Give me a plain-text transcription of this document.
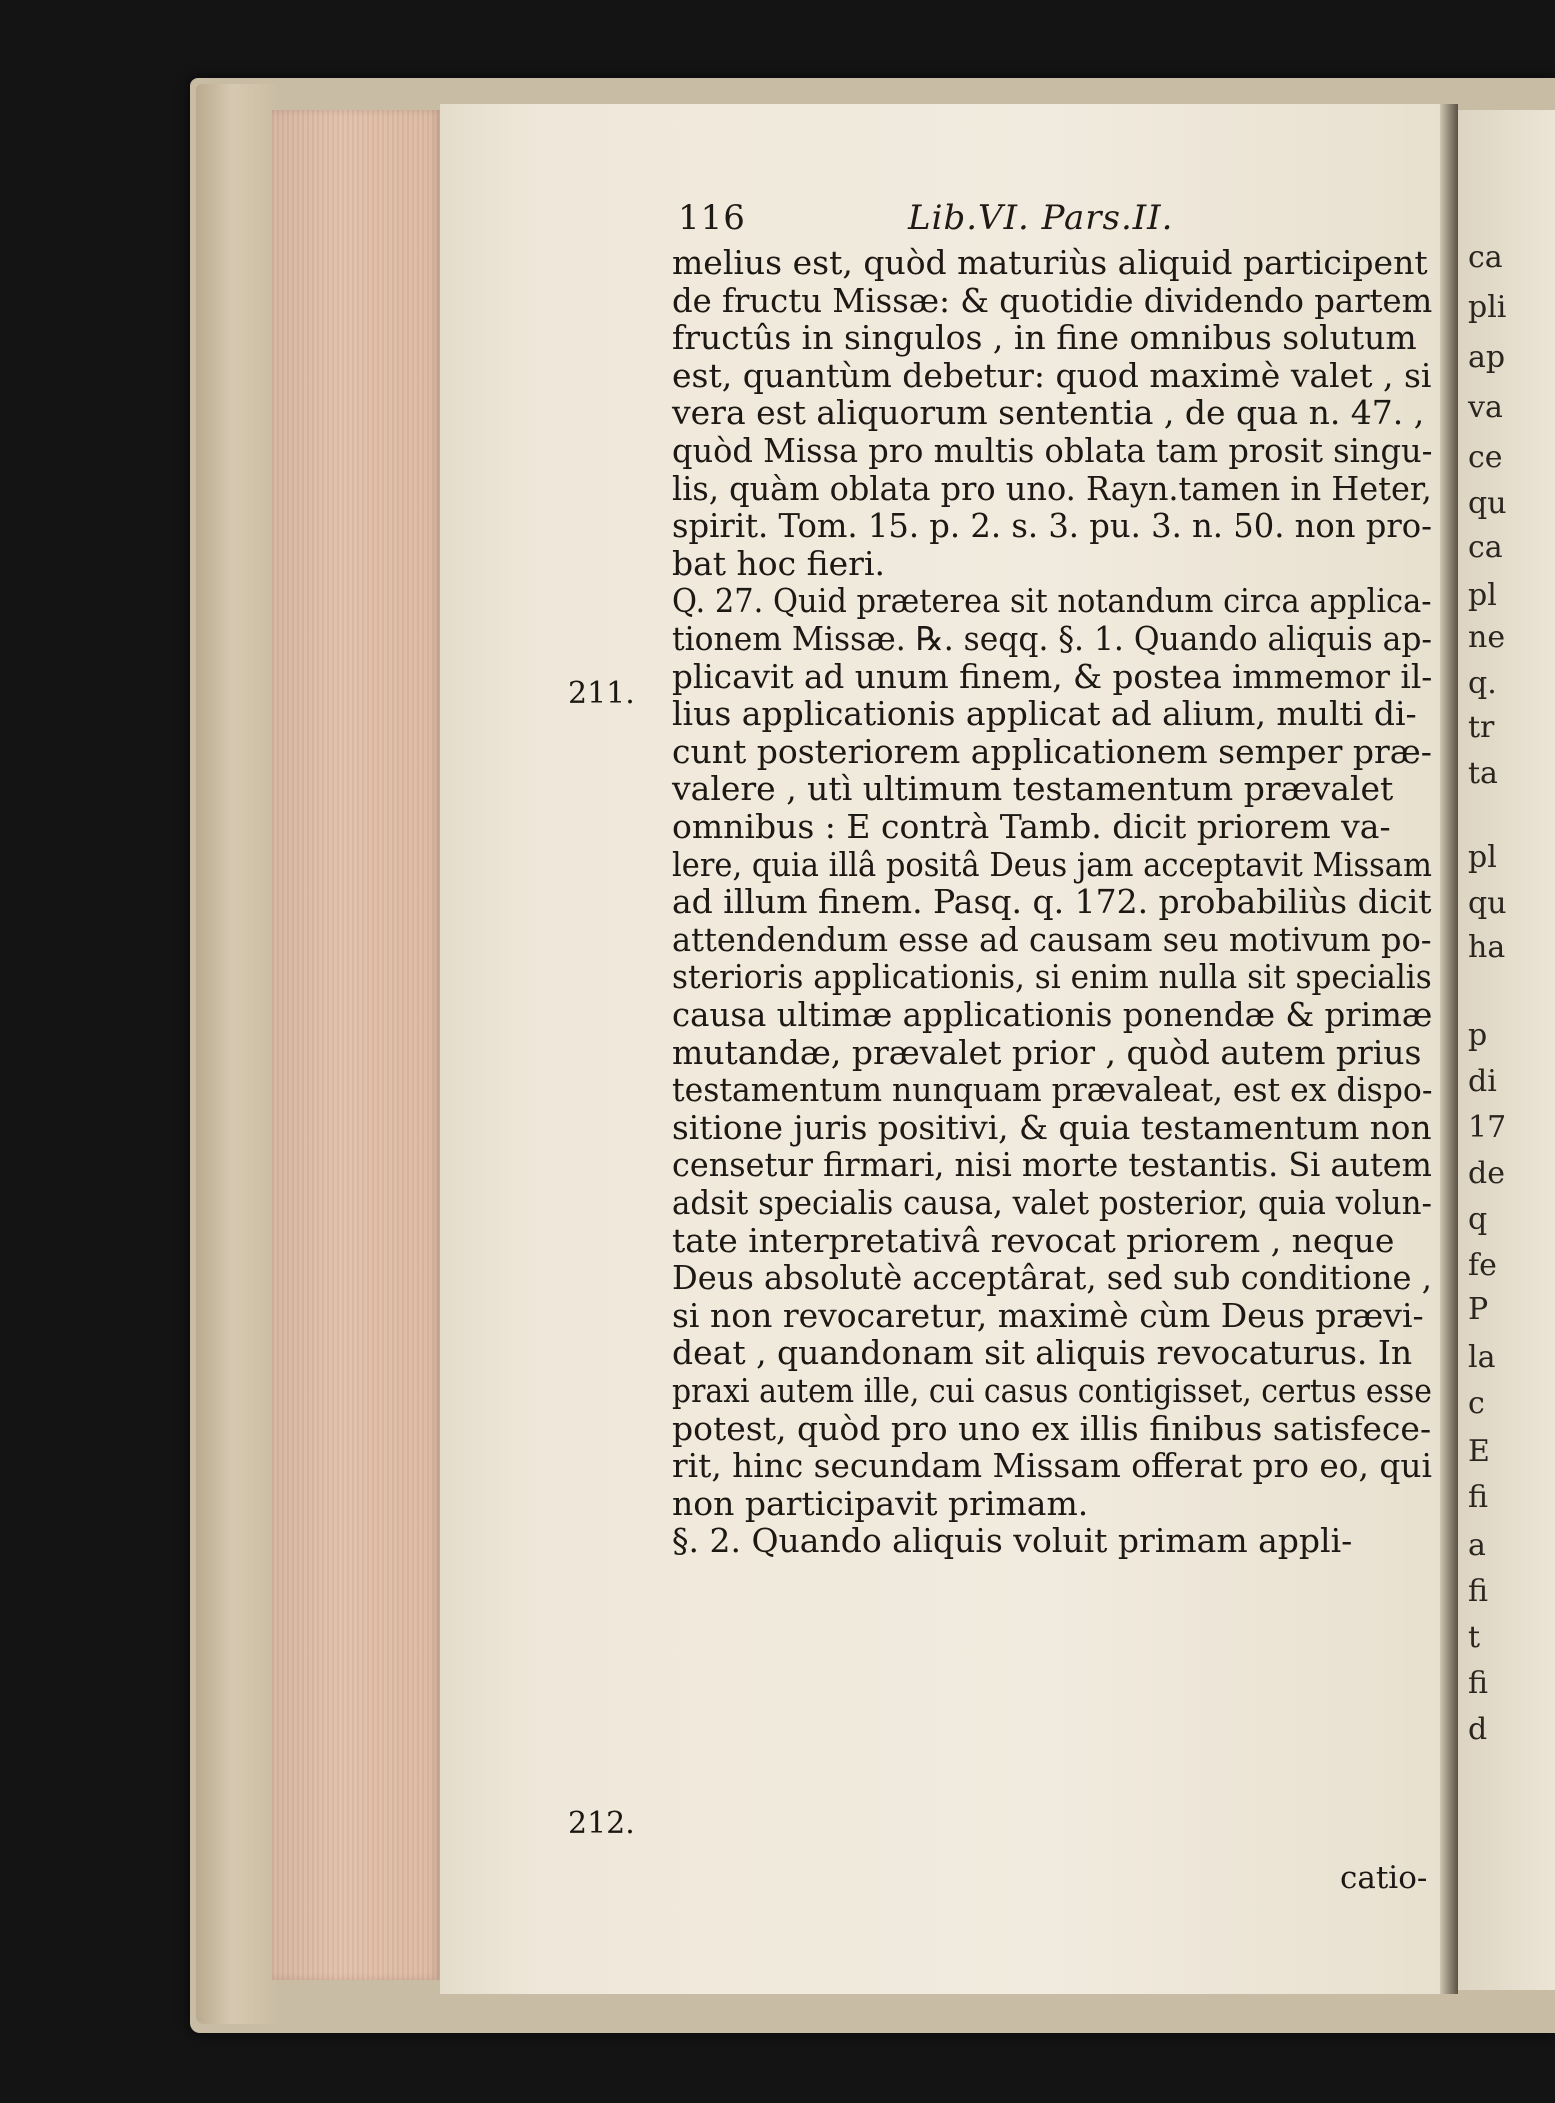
ca
pli
ap
va
ce
qu
ca
pl
ne
q.
tr
ta
pl
qu
ha
p
di
17
de
q
fe
P
la
c
E
fi
a
fi
t
fi
d
116	Lib.VI. Pars.II.
211.
212.
melius est, quòd maturiùs aliquid participent
de fructu Missæ: & quotidie dividendo partem
fructûs in singulos , in fine omnibus solutum
est, quantùm debetur: quod maximè valet , si
vera est aliquorum sententia , de qua n. 47. ,
quòd Missa pro multis oblata tam prosit singu-
lis, quàm oblata pro uno. Rayn.tamen in Heter,
spirit. Tom. 15. p. 2. s. 3. pu. 3. n. 50. non pro-
bat hoc fieri.
Q. 27. Quid præterea sit notandum circa applica-
tionem Missæ. ℞. seqq. §. 1. Quando aliquis ap-
plicavit ad unum finem, & postea immemor il-
lius applicationis applicat ad alium, multi di-
cunt posteriorem applicationem semper præ-
valere , utì ultimum testamentum prævalet
omnibus : E contrà Tamb. dicit priorem va-
lere, quia illâ positâ Deus jam acceptavit Missam
ad illum finem. Pasq. q. 172. probabiliùs dicit
attendendum esse ad causam seu motivum po-
sterioris applicationis, si enim nulla sit specialis
causa ultimæ applicationis ponendæ & primæ
mutandæ, prævalet prior , quòd autem prius
testamentum nunquam prævaleat, est ex dispo-
sitione juris positivi, & quia testamentum non
censetur firmari, nisi morte testantis. Si autem
adsit specialis causa, valet posterior, quia volun-
tate interpretativâ revocat priorem , neque
Deus absolutè acceptârat, sed sub conditione ,
si non revocaretur, maximè cùm Deus prævi-
deat , quandonam sit aliquis revocaturus. In
praxi autem ille, cui casus contigisset, certus esse
potest, quòd pro uno ex illis finibus satisfece-
rit, hinc secundam Missam offerat pro eo, qui
non participavit primam.
§. 2. Quando aliquis voluit primam appli-
catio-
